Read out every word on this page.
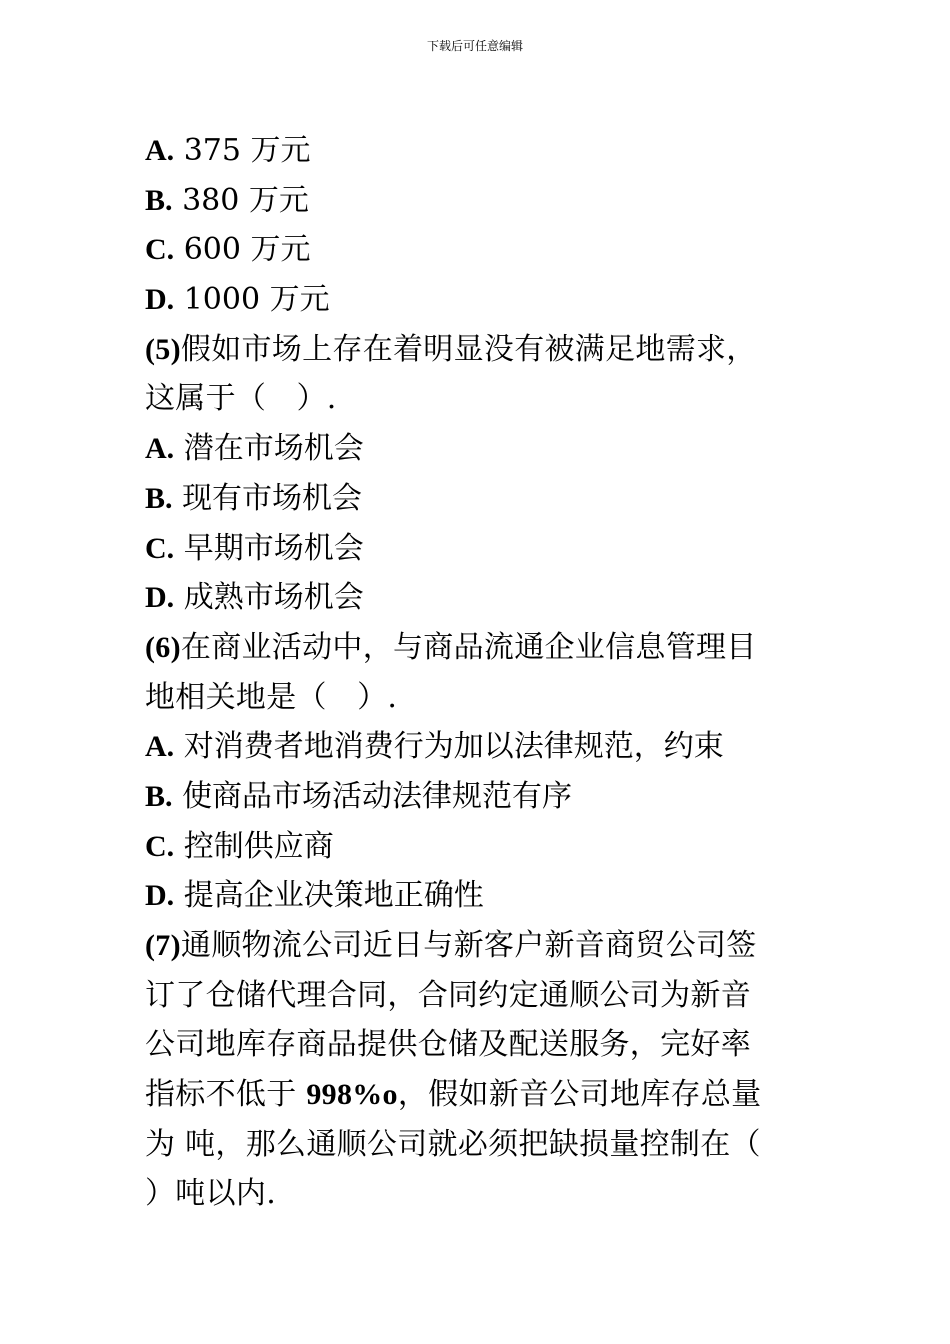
下载后可任意编辑
A. 375 万元
B. 380 万元
C. 600 万元
D. 1000 万元
(5)假如市场上存在着明显没有被满足地需求，
这属于（　）.
A. 潜在市场机会
B. 现有市场机会
C. 早期市场机会
D. 成熟市场机会
(6)在商业活动中，与商品流通企业信息管理目
地相关地是（　）.
A. 对消费者地消费行为加以法律规范，约束
B. 使商品市场活动法律规范有序
C. 控制供应商
D. 提高企业决策地正确性
(7)通顺物流公司近日与新客户新音商贸公司签
订了仓储代理合同，合同约定通顺公司为新音
公司地库存商品提供仓储及配送服务，完好率
指标不低于 998%o，假如新音公司地库存总量
为 吨，那么通顺公司就必须把缺损量控制在（
）吨以内.
